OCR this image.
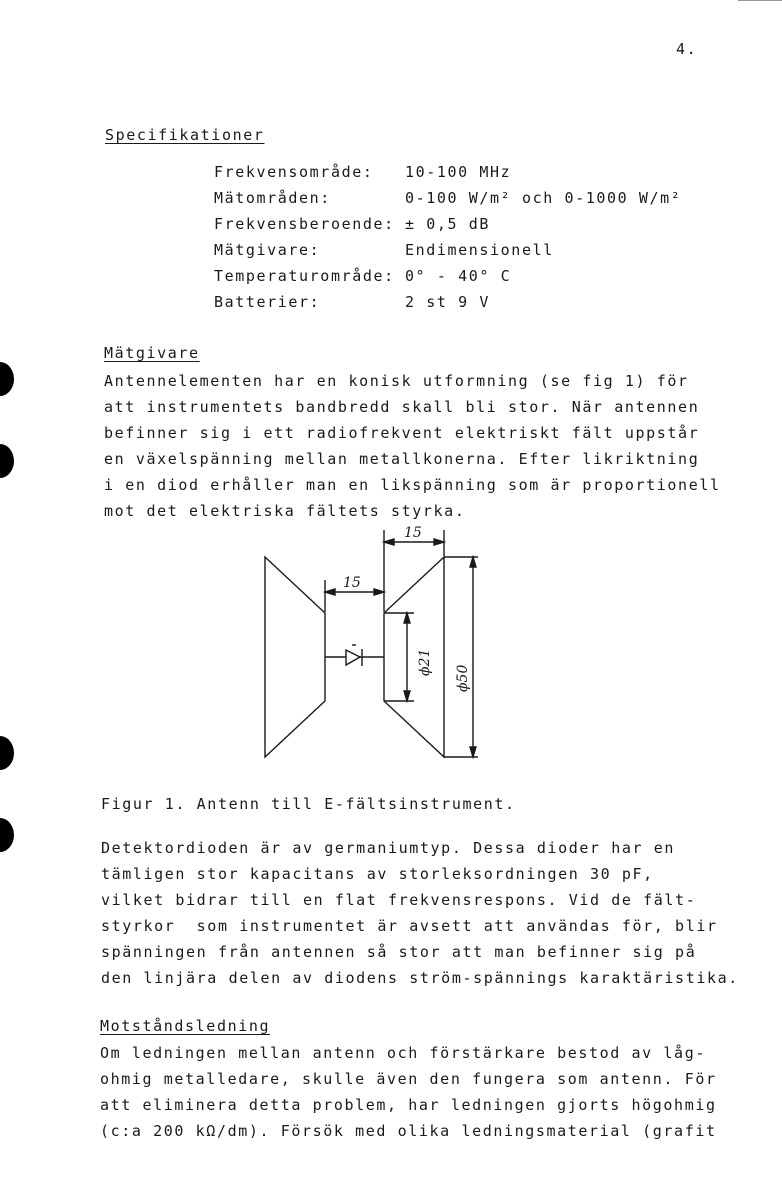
4.
Specifikationer
Frekvensområde: 10-100 MHz
Mätområden:	0-100 W/m² och 0-1000 W/m²
Frekvensberoende: ± 0,5 dB
Mätgivare:	Endimensionell
Temperaturområde: 0° - 40° C
Batterier:	2 st 9 V
Mätgivare
Antennelementen har en konisk utformning (se fig 1) för
att instrumentets bandbredd skall bli stor. När antennen
befinner sig i ett radiofrekvent elektriskt fält uppstår
en växelspänning mellan metallkonerna. Efter likriktning
i en diod erhåller man en likspänning som är proportionell
mot det elektriska fältets styrka.
15
15
ϕ21
ϕ50
Figur 1. Antenn till E-fältsinstrument.
Detektordioden är av germaniumtyp. Dessa dioder har en
tämligen stor kapacitans av storleksordningen 30 pF,
vilket bidrar till en flat frekvensrespons. Vid de fält-
styrkor  som instrumentet är avsett att användas för, blir
spänningen från antennen så stor att man befinner sig på
den linjära delen av diodens ström-spännings karaktäristika.
Motståndsledning
Om ledningen mellan antenn och förstärkare bestod av låg-
ohmig metalledare, skulle även den fungera som antenn. För
att eliminera detta problem, har ledningen gjorts högohmig
(c:a 200 kΩ/dm). Försök med olika ledningsmaterial (grafit
